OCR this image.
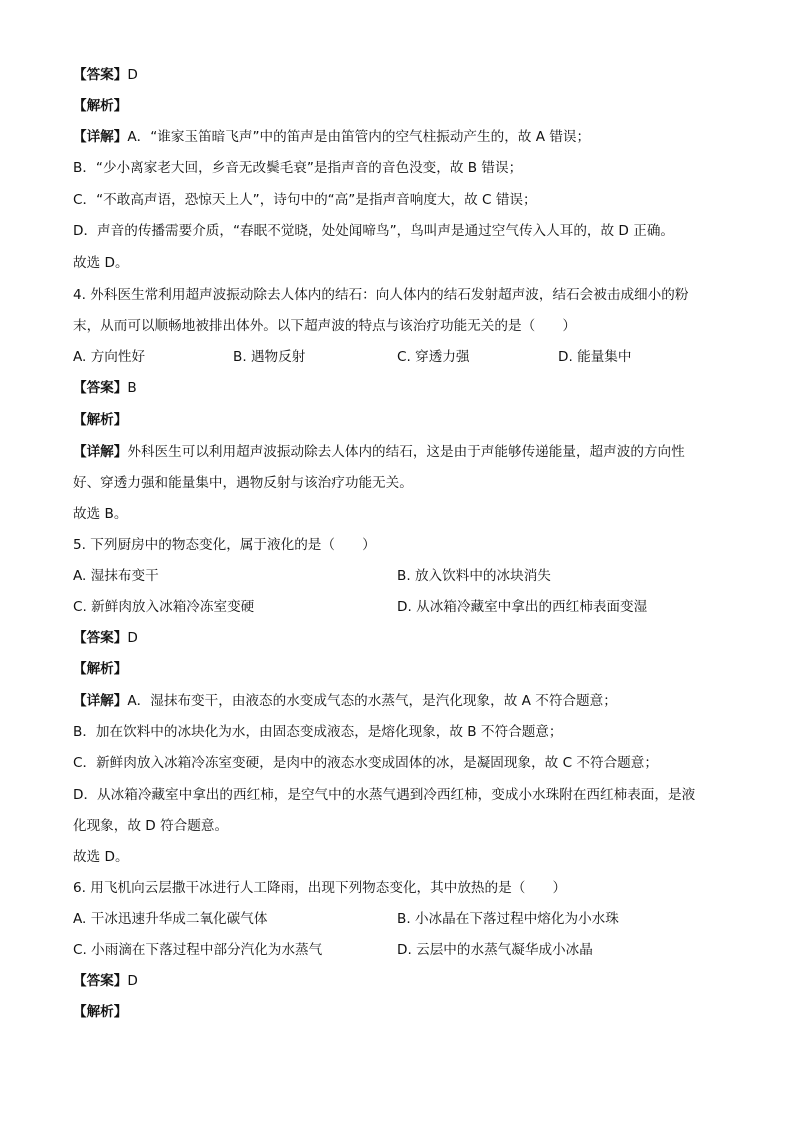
【答案】D
【解析】
【详解】A．“谁家玉笛暗飞声”中的笛声是由笛管内的空气柱振动产生的，故 A 错误；
B．“少小离家老大回，乡音无改鬓毛衰”是指声音的音色没变，故 B 错误；
C．“不敢高声语，恐惊天上人”，诗句中的“高”是指声音响度大，故 C 错误；
D．声音的传播需要介质，“春眠不觉晓，处处闻啼鸟”，鸟叫声是通过空气传入人耳的，故 D 正确。
故选 D。
4. 外科医生常利用超声波振动除去人体内的结石：向人体内的结石发射超声波，结石会被击成细小的粉
末，从而可以顺畅地被排出体外。以下超声波的特点与该治疗功能无关的是（　　）
A. 方向性好	B. 遇物反射	C. 穿透力强	D. 能量集中
【答案】B
【解析】
【详解】外科医生可以利用超声波振动除去人体内的结石，这是由于声能够传递能量，超声波的方向性
好、穿透力强和能量集中，遇物反射与该治疗功能无关。
故选 B。
5. 下列厨房中的物态变化，属于液化的是（　　）
A. 湿抹布变干	B. 放入饮料中的冰块消失
C. 新鲜肉放入冰箱冷冻室变硬	D. 从冰箱冷藏室中拿出的西红柿表面变湿
【答案】D
【解析】
【详解】A．湿抹布变干，由液态的水变成气态的水蒸气，是汽化现象，故 A 不符合题意；
B．加在饮料中的冰块化为水，由固态变成液态，是熔化现象，故 B 不符合题意；
C．新鲜肉放入冰箱冷冻室变硬，是肉中的液态水变成固体的冰，是凝固现象，故 C 不符合题意；
D．从冰箱冷藏室中拿出的西红柿，是空气中的水蒸气遇到冷西红柿，变成小水珠附在西红柿表面，是液
化现象，故 D 符合题意。
故选 D。
6. 用飞机向云层撒干冰进行人工降雨，出现下列物态变化，其中放热的是（　　）
A. 干冰迅速升华成二氧化碳气体	B. 小冰晶在下落过程中熔化为小水珠
C. 小雨滴在下落过程中部分汽化为水蒸气	D. 云层中的水蒸气凝华成小冰晶
【答案】D
【解析】
